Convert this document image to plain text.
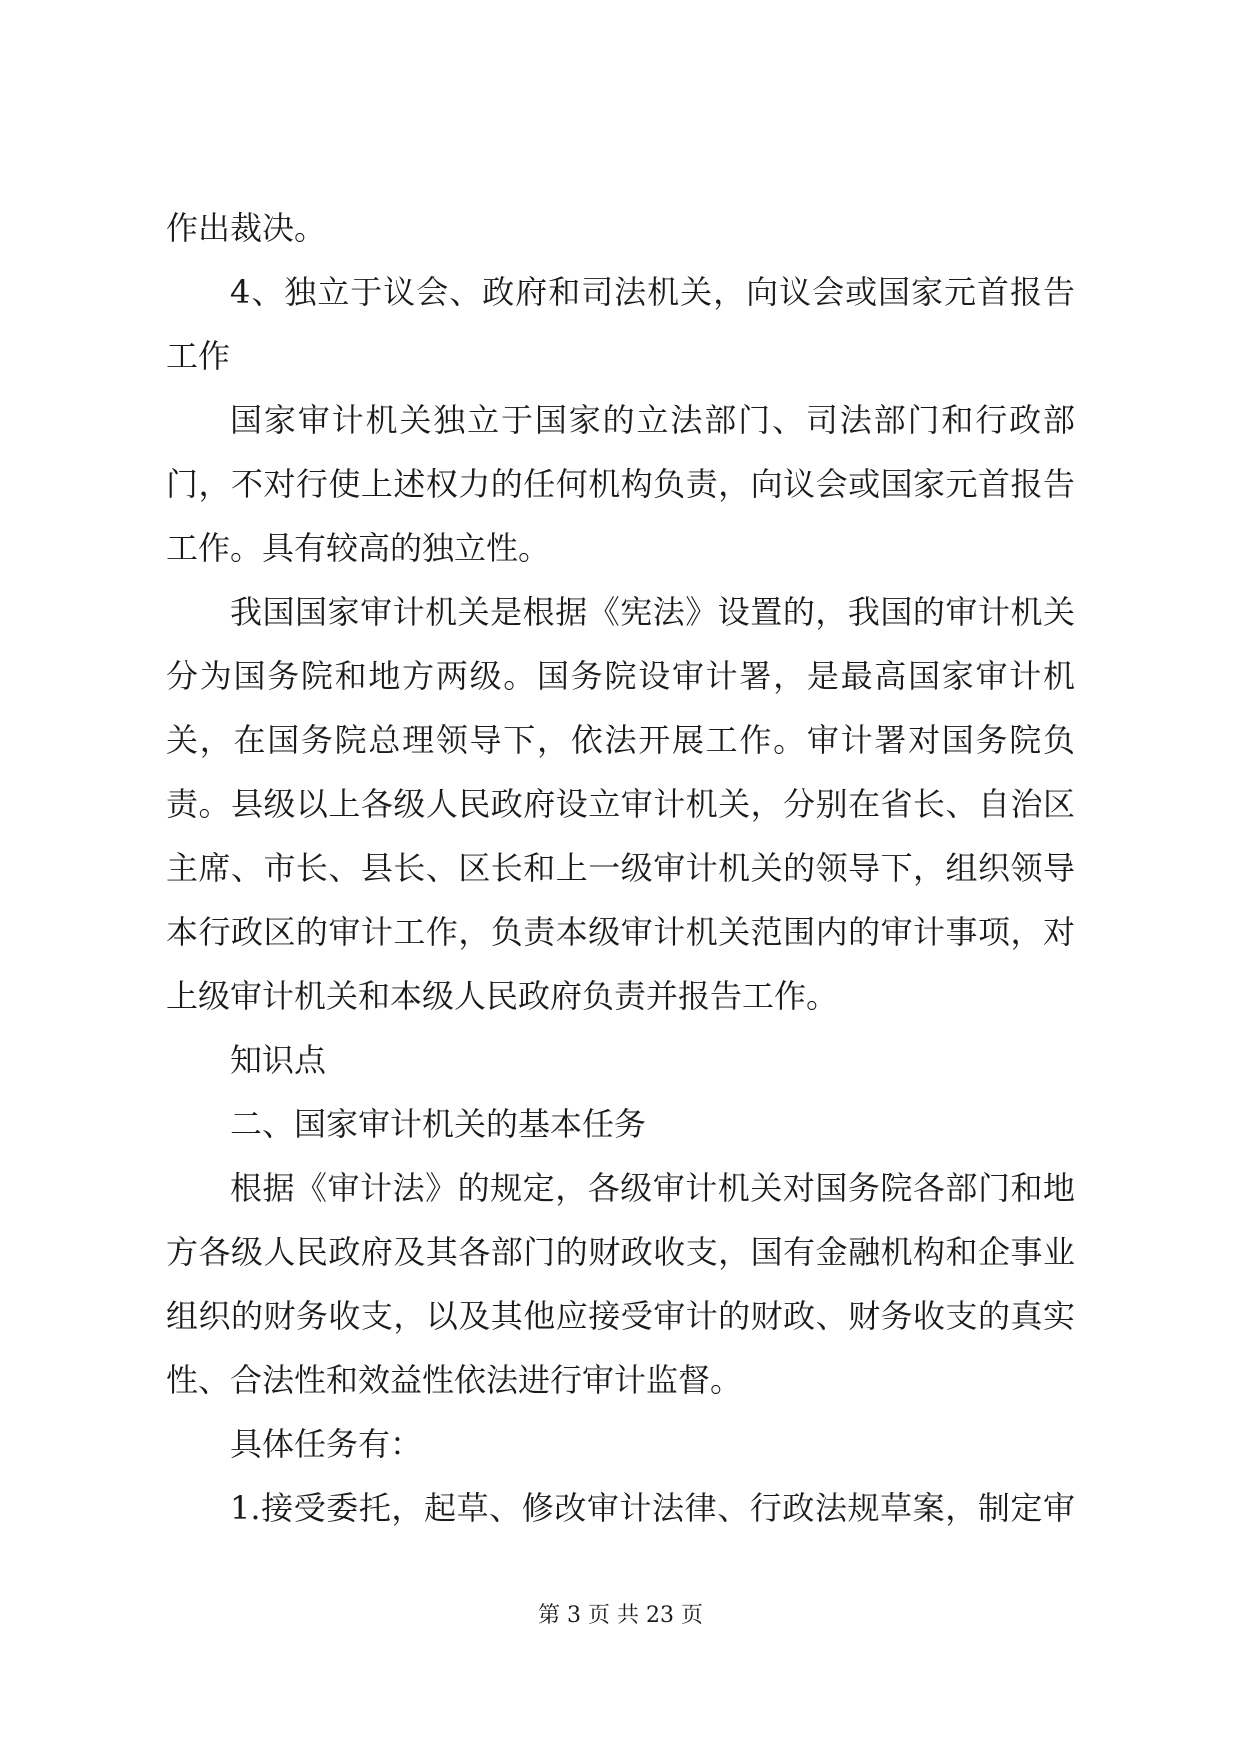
作出裁决。

4、独立于议会、政府和司法机关，向议会或国家元首报告工作

国家审计机关独立于国家的立法部门、司法部门和行政部门，不对行使上述权力的任何机构负责，向议会或国家元首报告工作。具有较高的独立性。

我国国家审计机关是根据《宪法》设置的，我国的审计机关分为国务院和地方两级。国务院设审计署，是最高国家审计机关，在国务院总理领导下，依法开展工作。审计署对国务院负责。县级以上各级人民政府设立审计机关，分别在省长、自治区主席、市长、县长、区长和上一级审计机关的领导下，组织领导本行政区的审计工作，负责本级审计机关范围内的审计事项，对上级审计机关和本级人民政府负责并报告工作。

知识点

二、国家审计机关的基本任务

根据《审计法》的规定，各级审计机关对国务院各部门和地方各级人民政府及其各部门的财政收支，国有金融机构和企事业组织的财务收支，以及其他应接受审计的财政、财务收支的真实性、合法性和效益性依法进行审计监督。

具体任务有：

1.接受委托，起草、修改审计法律、行政法规草案，制定审

第 3 页 共 23 页
